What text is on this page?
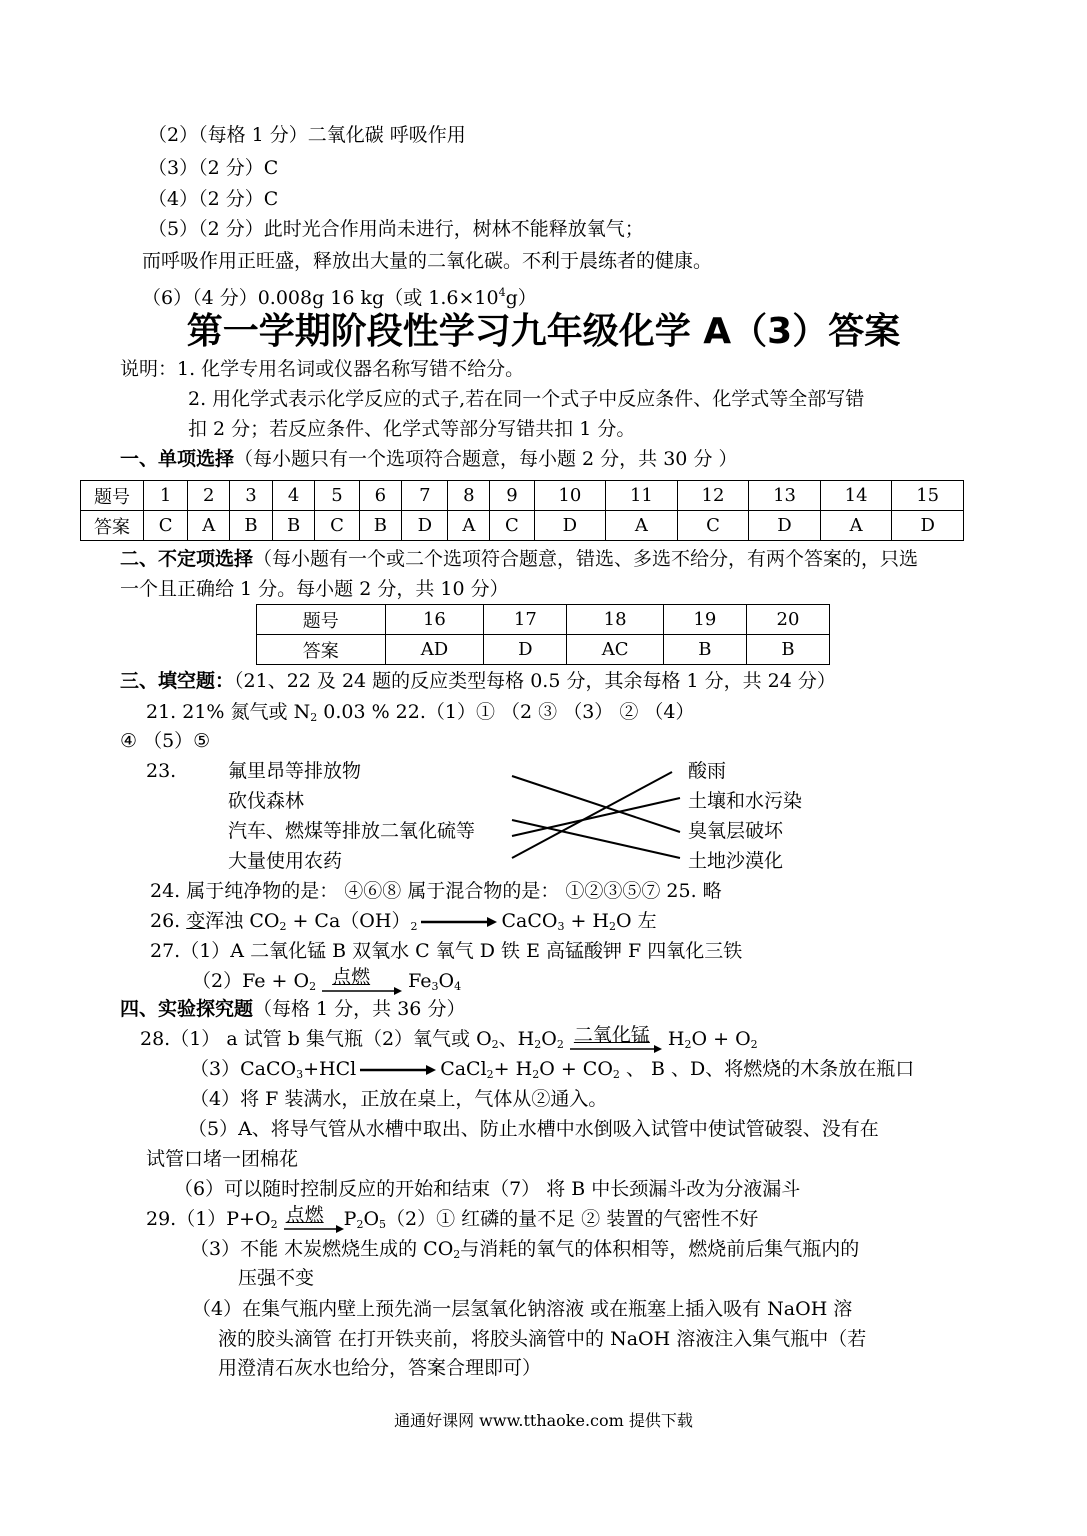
（2）（每格 1 分）二氧化碳 呼吸作用
（3）（2 分）C
（4）（2 分）C
（5）（2 分）此时光合作用尚未进行，树林不能释放氧气；
而呼吸作用正旺盛，释放出大量的二氧化碳。不利于晨练者的健康。
（6）（4 分）0.008g 16 kg（或 $1.6\times 10^4g$）
第一学期阶段性学习九年级化学 A（3）答案
说明：1. 化学专用名词或仪器名称写错不给分。
2. 用化学式表示化学反应的式子,若在同一个式子中反应条件、化学式等全部写错
扣 2 分；若反应条件、化学式等部分写错共扣 1 分。
一、单项选择（每小题只有一个选项符合题意，每小题 2 分，共 30 分 ）
题号	1	2	3	4	5	6	7	8	9	10	11	12	13	14	15
答案	C	A	B	B	C	B	D	A	C	D	A	C	D	A	D
二、不定项选择（每小题有一个或二个选项符合题意，错选、多选不给分，有两个答案的，只选
一个且正确给 1 分。每小题 2 分，共 10 分）
题号	16	17	18	19	20
答案	AD	D	AC	B	B
三、填空题：（21、22 及 24 题的反应类型每格 0.5 分，其余每格 1 分，共 24 分）
21. 21% 氮气或 $N_2$ 0.03 % 22.（1）① （2 ③ （3） ② （4）
④ （5）⑤
23.	氟里昂等排放物
砍伐森林
汽车、燃煤等排放二氧化硫等
大量使用农药
酸雨
土壤和水污染
臭氧层破坏
土地沙漠化
24. 属于纯净物的是： ④⑥⑧ 属于混合物的是： ①②③⑤⑦ 25. 略
26. 变浑浊 $CO_2 + Ca(OH)_2$ → CaCO$_3$ + $H_2O$ 左
27.（1）A 二氧化锰 B 双氧水 C 氧气 D 铁 E 高锰酸钾 F 四氧化三铁
$(2)Fe + O_2$ 点燃 $Fe_3O_4$
四、实验探究题（每格 1 分，共 36 分）
28.（1） a 试管 b 集气瓶（2）氧气或 $O_2$、$H_2O_2$ 二氧化锰 $H_2O + O_2$
（3）CaCO$_3$+HCl → CaCl$_2$+ $H_2O + CO_2$ 、 B 、D、将燃烧的木条放在瓶口
（4）将 F 装满水，正放在桌上，气体从②通入。
（5）A、将导气管从水槽中取出、防止水槽中水倒吸入试管中使试管破裂、没有在
试管口堵一团棉花
（6）可以随时控制反应的开始和结束（7） 将 B 中长颈漏斗改为分液漏斗
$29.(1)P+O_2$ 点燃 $P_2O_5(2)①$ 红磷的量不足 ② 装置的气密性不好
（3）不能 木炭燃烧生成的 $CO_2$与消耗的氧气的体积相等，燃烧前后集气瓶内的
压强不变
（4）在集气瓶内壁上预先淌一层氢氧化钠溶液 或在瓶塞上插入吸有 NaOH 溶
液的胶头滴管 在打开铁夹前，将胶头滴管中的 NaOH 溶液注入集气瓶中（若
用澄清石灰水也给分，答案合理即可）
通通好课网 www.tthaoke.com 提供下载
